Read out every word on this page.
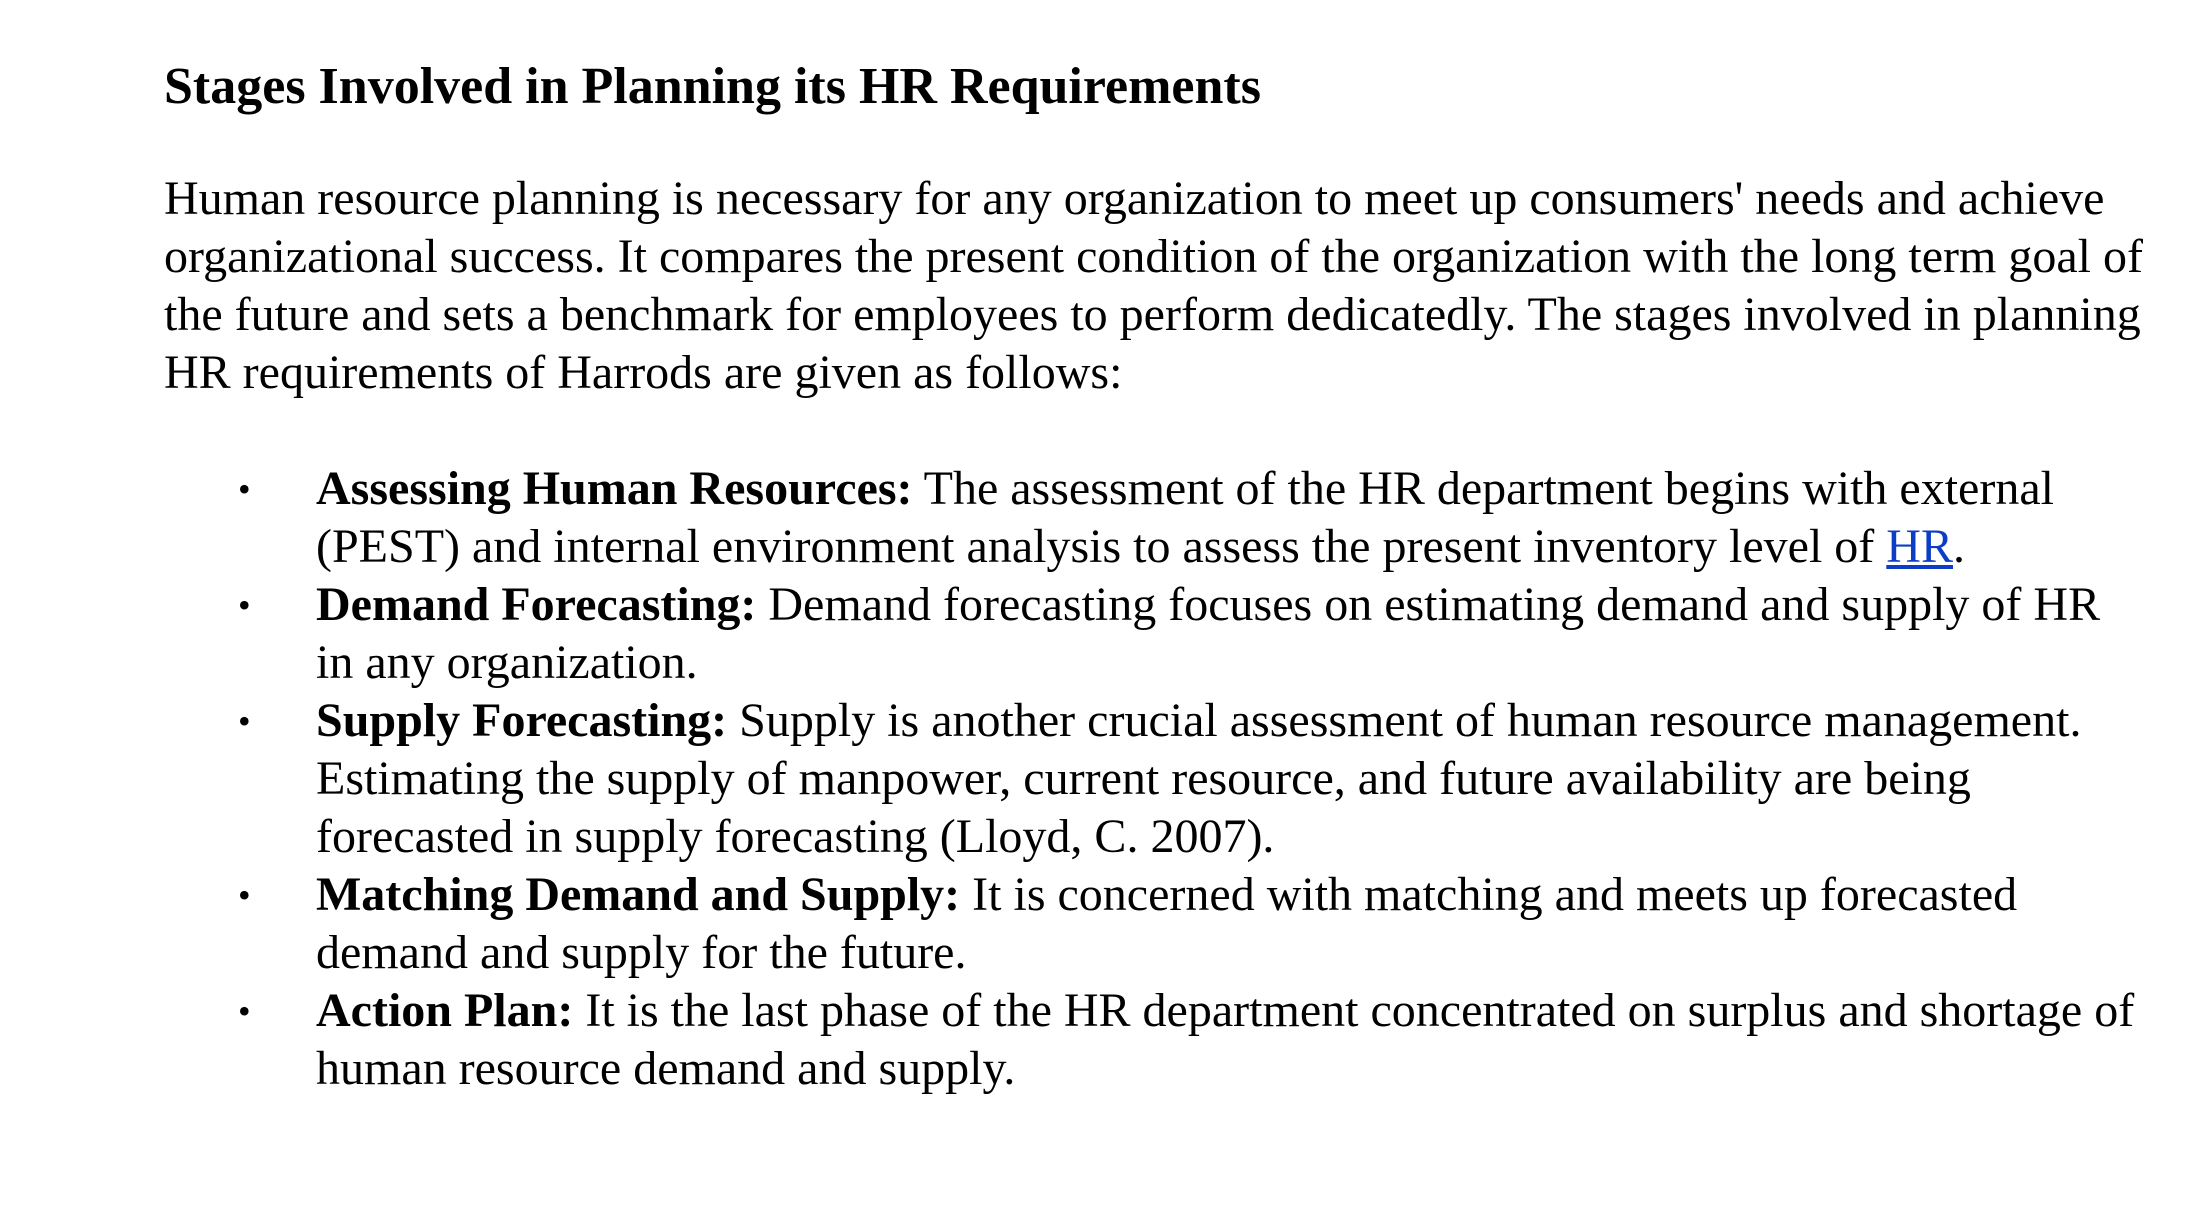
Stages Involved in Planning its HR Requirements

Human resource planning is necessary for any organization to meet up consumers' needs and achieve organizational success. It compares the present condition of the organization with the long term goal of the future and sets a benchmark for employees to perform dedicatedly. The stages involved in planning HR requirements of Harrods are given as follows:

• Assessing Human Resources: The assessment of the HR department begins with external (PEST) and internal environment analysis to assess the present inventory level of HR.
• Demand Forecasting: Demand forecasting focuses on estimating demand and supply of HR in any organization.
• Supply Forecasting: Supply is another crucial assessment of human resource management. Estimating the supply of manpower, current resource, and future availability are being forecasted in supply forecasting (Lloyd, C. 2007).
• Matching Demand and Supply: It is concerned with matching and meets up forecasted demand and supply for the future.
• Action Plan: It is the last phase of the HR department concentrated on surplus and shortage of human resource demand and supply.
